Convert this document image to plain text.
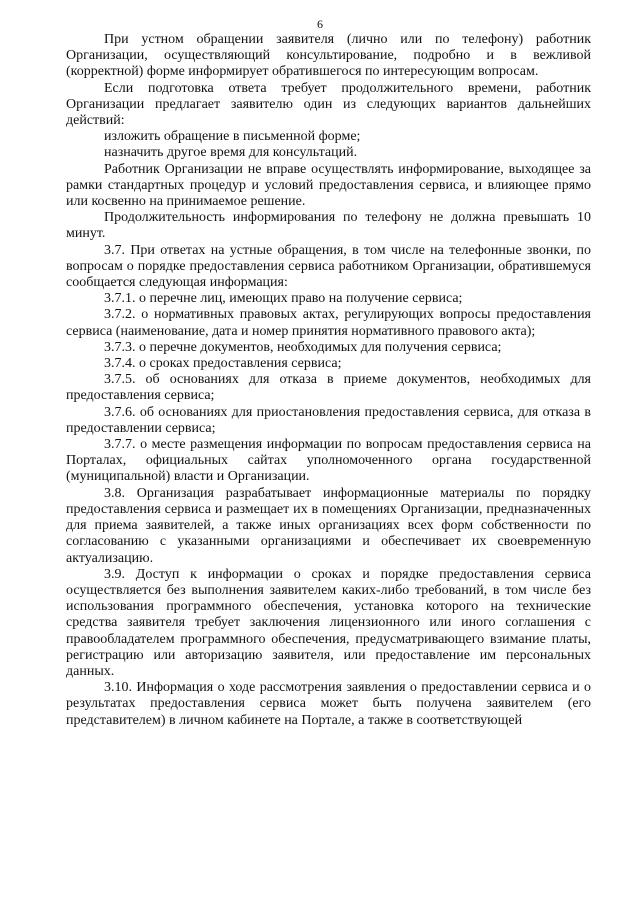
6

При устном обращении заявителя (лично или по телефону) работник Организации, осуществляющий консультирование, подробно и в вежливой (корректной) форме информирует обратившегося по интересующим вопросам.

Если подготовка ответа требует продолжительного времени, работник Организации предлагает заявителю один из следующих вариантов дальнейших действий:

изложить обращение в письменной форме;

назначить другое время для консультаций.

Работник Организации не вправе осуществлять информирование, выходящее за рамки стандартных процедур и условий предоставления сервиса, и влияющее прямо или косвенно на принимаемое решение.

Продолжительность информирования по телефону не должна превышать 10 минут.

3.7. При ответах на устные обращения, в том числе на телефонные звонки, по вопросам о порядке предоставления сервиса работником Организации, обратившемуся сообщается следующая информация:

3.7.1. о перечне лиц, имеющих право на получение сервиса;

3.7.2. о нормативных правовых актах, регулирующих вопросы предоставления сервиса (наименование, дата и номер принятия нормативного правового акта);

3.7.3. о перечне документов, необходимых для получения сервиса;

3.7.4. о сроках предоставления сервиса;

3.7.5. об основаниях для отказа в приеме документов, необходимых для предоставления сервиса;

3.7.6. об основаниях для приостановления предоставления сервиса, для отказа в предоставлении сервиса;

3.7.7. о месте размещения информации по вопросам предоставления сервиса на Порталах, официальных сайтах уполномоченного органа государственной (муниципальной) власти и Организации.

3.8. Организация разрабатывает информационные материалы по порядку предоставления сервиса и размещает их в помещениях Организации, предназначенных для приема заявителей, а также иных организациях всех форм собственности по согласованию с указанными организациями и обеспечивает их своевременную актуализацию.

3.9. Доступ к информации о сроках и порядке предоставления сервиса осуществляется без выполнения заявителем каких-либо требований, в том числе без использования программного обеспечения, установка которого на технические средства заявителя требует заключения лицензионного или иного соглашения с правообладателем программного обеспечения, предусматривающего взимание платы, регистрацию или авторизацию заявителя, или предоставление им персональных данных.

3.10. Информация о ходе рассмотрения заявления о предоставлении сервиса и о результатах предоставления сервиса может быть получена заявителем (его представителем) в личном кабинете на Портале, а также в соответствующей
